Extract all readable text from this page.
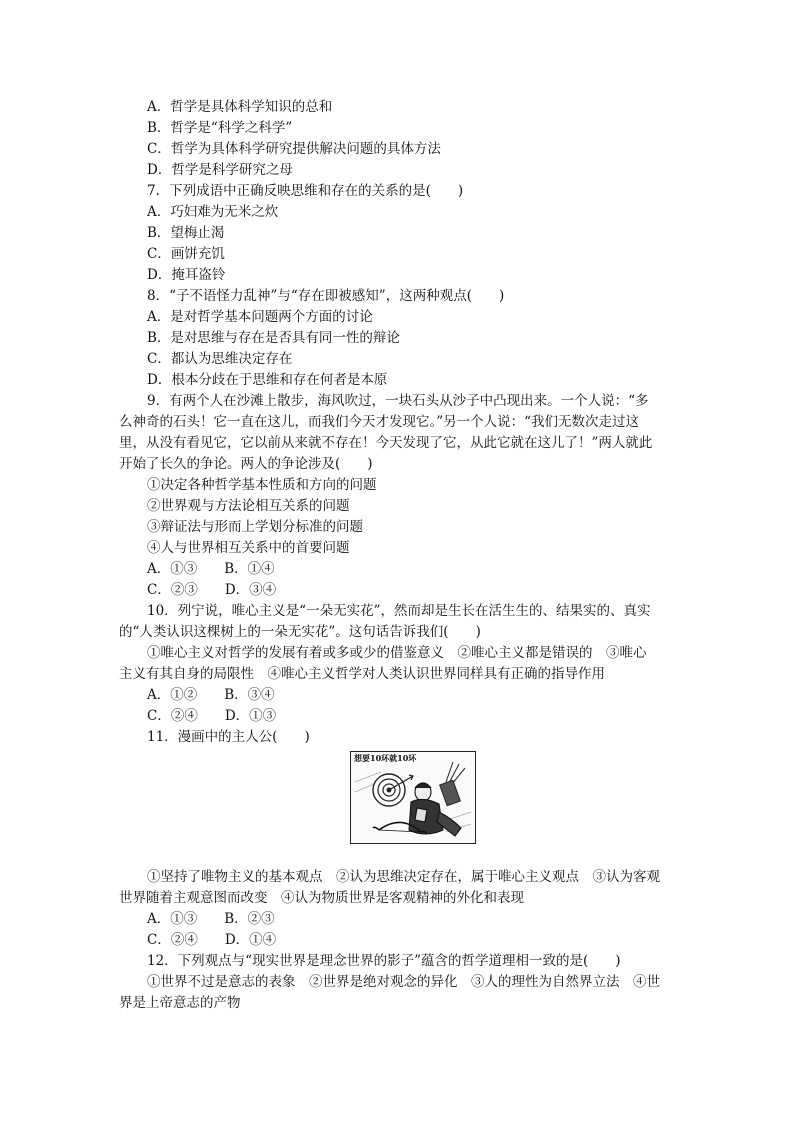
A．哲学是具体科学知识的总和
B．哲学是“科学之科学”
C．哲学为具体科学研究提供解决问题的具体方法
D．哲学是科学研究之母
7．下列成语中正确反映思维和存在的关系的是(　　)
A．巧妇难为无米之炊
B．望梅止渴
C．画饼充饥
D．掩耳盗铃
8．“子不语怪力乱神”与“存在即被感知”，这两种观点(　　)
A．是对哲学基本问题两个方面的讨论
B．是对思维与存在是否具有同一性的辩论
C．都认为思维决定存在
D．根本分歧在于思维和存在何者是本原
9．有两个人在沙滩上散步，海风吹过，一块石头从沙子中凸现出来。一个人说：“多
么神奇的石头！它一直在这儿，而我们今天才发现它。”另一个人说：“我们无数次走过这
里，从没有看见它，它以前从来就不存在！今天发现了它，从此它就在这儿了！”两人就此
开始了长久的争论。两人的争论涉及(　　)
①决定各种哲学基本性质和方向的问题
②世界观与方法论相互关系的问题
③辩证法与形而上学划分标准的问题
④人与世界相互关系中的首要问题
A．①③　　B．①④
C．②③　　D．③④
10．列宁说，唯心主义是“一朵无实花”，然而却是生长在活生生的、结果实的、真实
的“人类认识这棵树上的一朵无实花”。这句话告诉我们(　　)
①唯心主义对哲学的发展有着或多或少的借鉴意义　②唯心主义都是错误的　③唯心
主义有其自身的局限性　④唯心主义哲学对人类认识世界同样具有正确的指导作用
A．①②　　B．③④
C．②④　　D．①③
11．漫画中的主人公(　　)
想要10环就10环
①坚持了唯物主义的基本观点　②认为思维决定存在，属于唯心主义观点　③认为客观
世界随着主观意图而改变　④认为物质世界是客观精神的外化和表现
A．①③　　B．②③
C．②④　　D．①④
12．下列观点与“现实世界是理念世界的影子”蕴含的哲学道理相一致的是(　　)
①世界不过是意志的表象　②世界是绝对观念的异化　③人的理性为自然界立法　④世
界是上帝意志的产物
